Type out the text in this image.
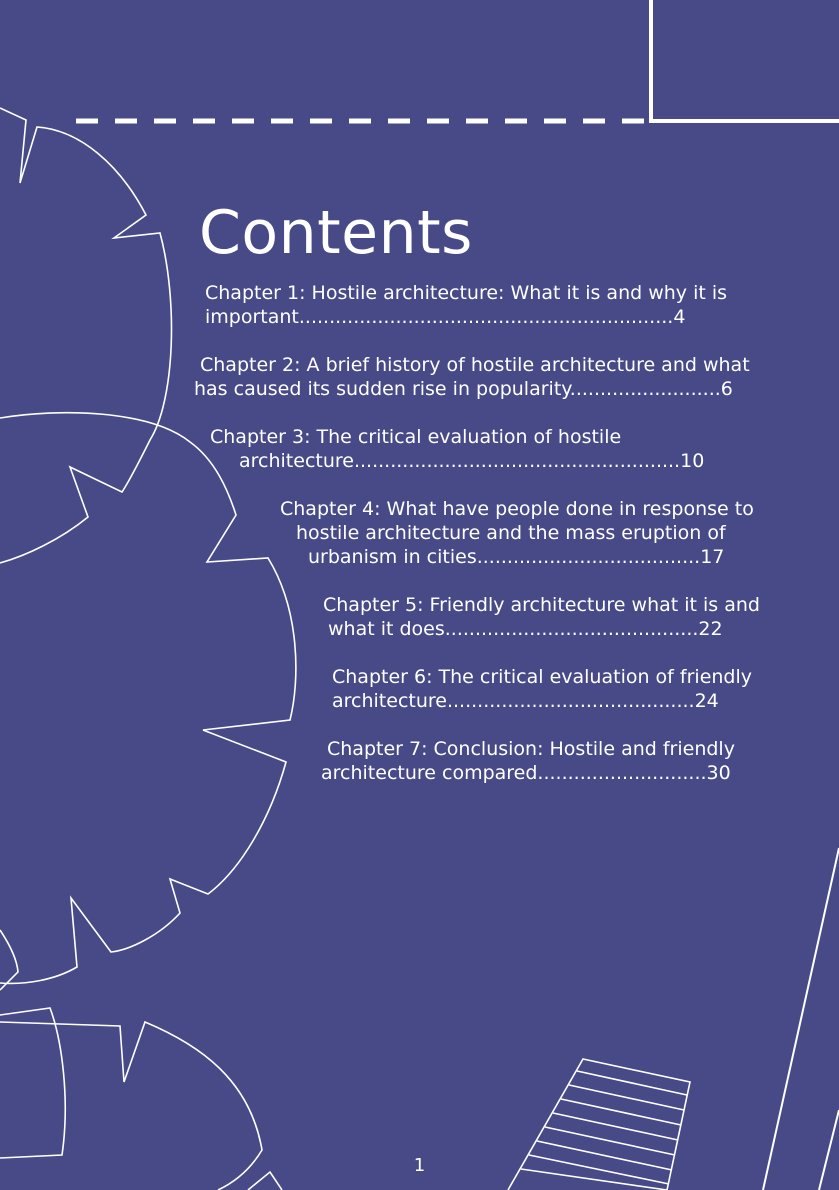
Contents
Chapter 1: Hostile architecture: What it is and why it is
important..............................................................4
Chapter 2: A brief history of hostile architecture and what
has caused its sudden rise in popularity.........................6
Chapter 3: The critical evaluation of hostile
architecture......................................................10
Chapter 4: What have people done in response to
hostile architecture and the mass eruption of
urbanism in cities.....................................17
Chapter 5: Friendly architecture what it is and
what it does..........................................22
Chapter 6: The critical evaluation of friendly
architecture.........................................24
Chapter 7: Conclusion: Hostile and friendly
architecture compared............................30
1
